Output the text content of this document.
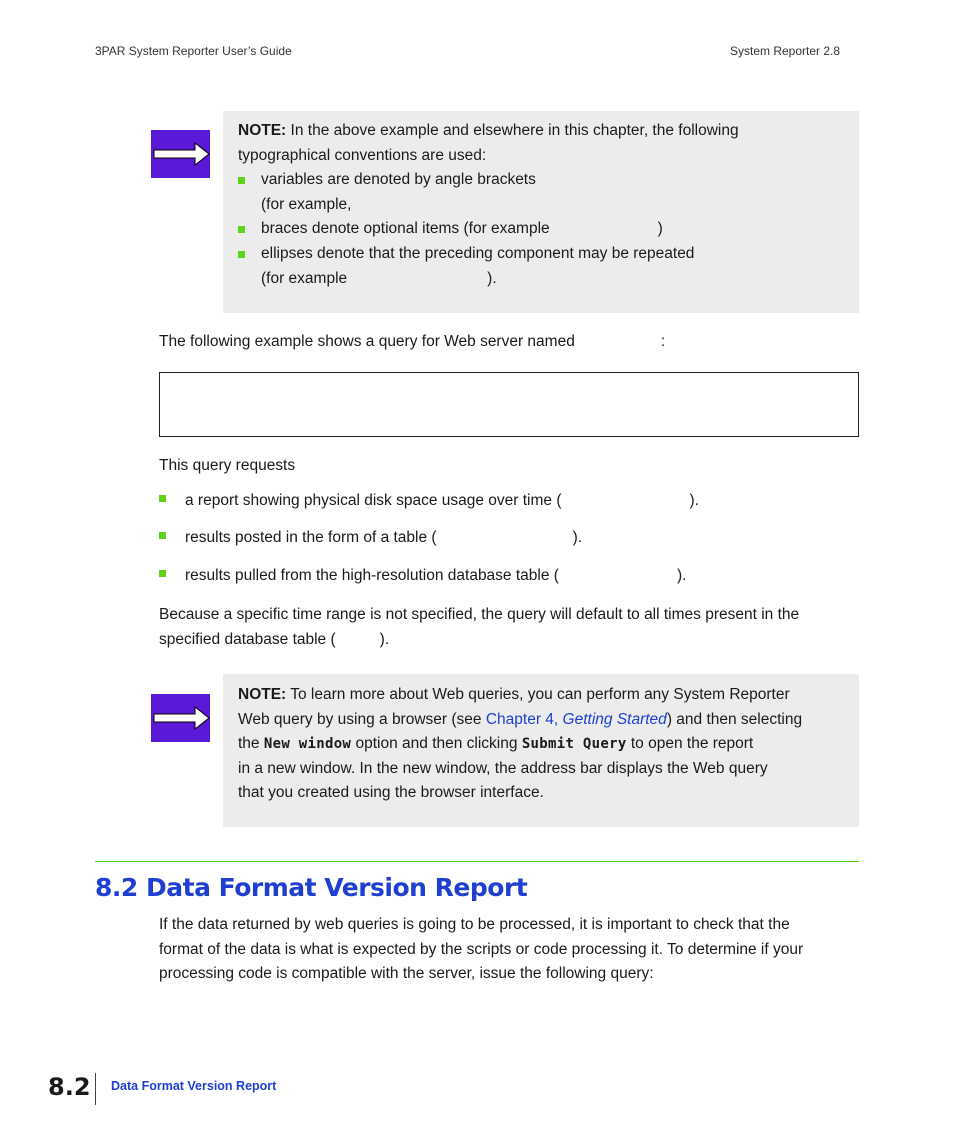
3PAR System Reporter User’s Guide	System Reporter 2.8
NOTE: In the above example and elsewhere in this chapter, the following
typographical conventions are used:
variables are denoted by angle brackets
(for example,
braces denote optional items (for example	)
ellipses denote that the preceding component may be repeated
(for example	).
The following example shows a query for Web server named	:
This query requests
a report showing physical disk space usage over time (	).
results posted in the form of a table (	).
results pulled from the high-resolution database table (	).
Because a specific time range is not specified, the query will default to all times present in the
specified database table (	).
NOTE: To learn more about Web queries, you can perform any System Reporter
Web query by using a browser (see Chapter 4, Getting Started) and then selecting
the New window option and then clicking Submit Query to open the report
in a new window. In the new window, the address bar displays the Web query
that you created using the browser interface.
8.2 Data Format Version Report
If the data returned by web queries is going to be processed, it is important to check that the
format of the data is what is expected by the scripts or code processing it. To determine if your
processing code is compatible with the server, issue the following query:
8.2 Data Format Version Report
